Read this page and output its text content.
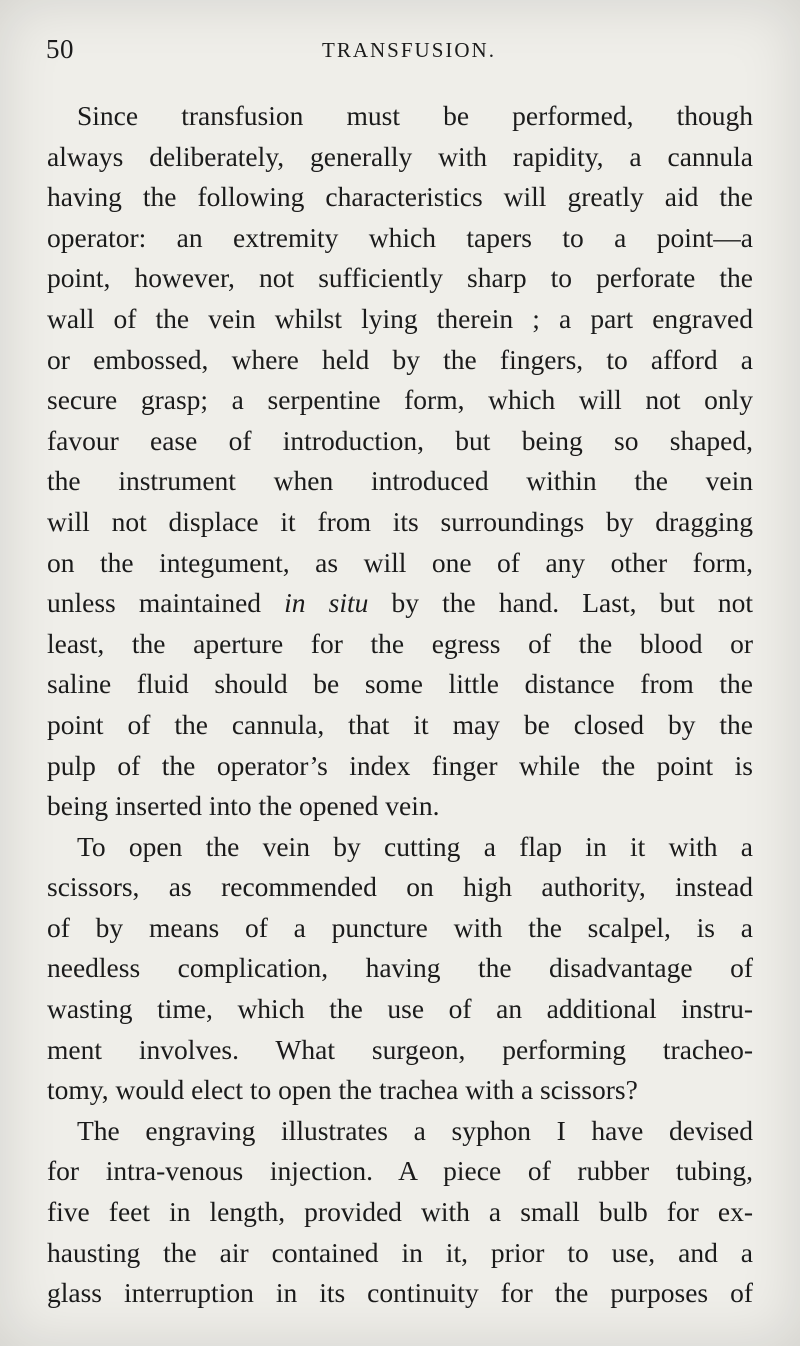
50	TRANSFUSION.
Since transfusion must be performed, though
always deliberately, generally with rapidity, a cannula
having the following characteristics will greatly aid the
operator: an extremity which tapers to a point—a
point, however, not sufficiently sharp to perforate the
wall of the vein whilst lying therein ; a part engraved
or embossed, where held by the fingers, to afford a
secure grasp; a serpentine form, which will not only
favour ease of introduction, but being so shaped,
the instrument when introduced within the vein
will not displace it from its surroundings by dragging
on the integument, as will one of any other form,
unless maintained in situ by the hand. Last, but not
least, the aperture for the egress of the blood or
saline fluid should be some little distance from the
point of the cannula, that it may be closed by the
pulp of the operator’s index finger while the point is
being inserted into the opened vein.
To open the vein by cutting a flap in it with a
scissors, as recommended on high authority, instead
of by means of a puncture with the scalpel, is a
needless complication, having the disadvantage of
wasting time, which the use of an additional instru-
ment involves. What surgeon, performing tracheo-
tomy, would elect to open the trachea with a scissors?
The engraving illustrates a syphon I have devised
for intra-venous injection. A piece of rubber tubing,
five feet in length, provided with a small bulb for ex-
hausting the air contained in it, prior to use, and a
glass interruption in its continuity for the purposes of
